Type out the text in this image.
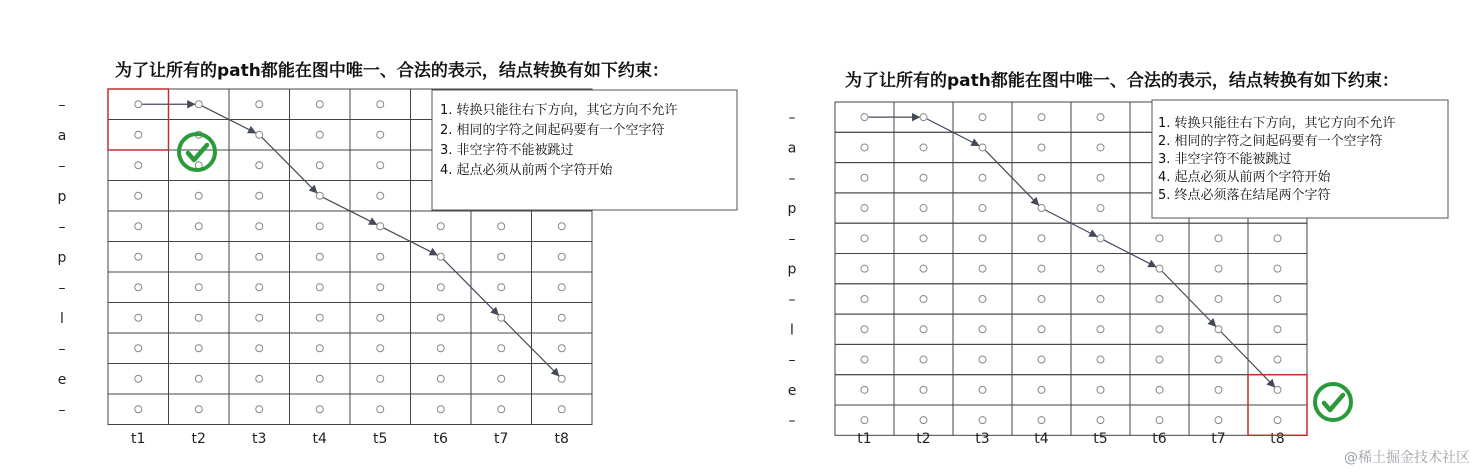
为了让所有的path都能在图中唯一、合法的表示，结点转换有如下约束：
–
a
–
p
–
p
–
l
–
e
–
t1	t2	t3	t4	t5	t6	t7	t8
1. 转换只能往右下方向，其它方向不允许
2. 相同的字符之间起码要有一个空字符
3. 非空字符不能被跳过
4. 起点必须从前两个字符开始
为了让所有的path都能在图中唯一、合法的表示，结点转换有如下约束：
–
a
–
p
–
p
–
l
–
e
–
t1	t2	t3	t4	t5	t6	t7	t8
1. 转换只能往右下方向，其它方向不允许
2. 相同的字符之间起码要有一个空字符
3. 非空字符不能被跳过
4. 起点必须从前两个字符开始
5. 终点必须落在结尾两个字符
@稀土掘金技术社区
